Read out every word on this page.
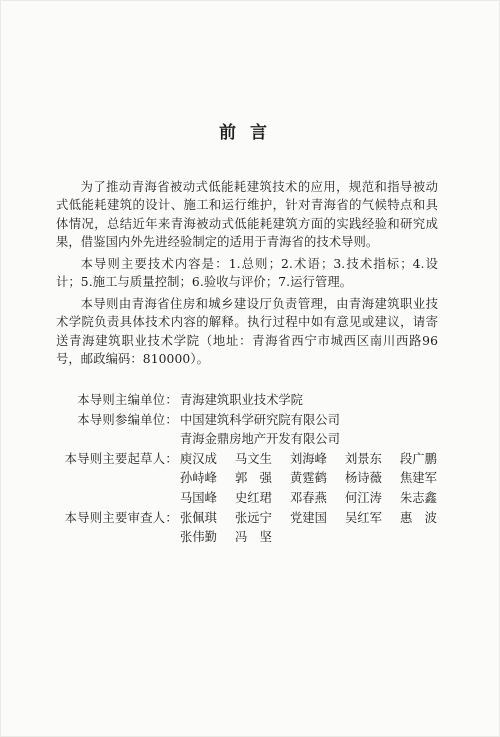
前言

为了推动青海省被动式低能耗建筑技术的应用，规范和指导被动式低能耗建筑的设计、施工和运行维护，针对青海省的气候特点和具体情况，总结近年来青海被动式低能耗建筑方面的实践经验和研究成果，借鉴国内外先进经验制定的适用于青海省的技术导则。

本导则主要技术内容是：1.总则；2.术语；3.技术指标；4.设计；5.施工与质量控制；6.验收与评价；7.运行管理。

本导则由青海省住房和城乡建设厅负责管理，由青海建筑职业技术学院负责具体技术内容的解释。执行过程中如有意见或建议，请寄送青海建筑职业技术学院（地址：青海省西宁市城西区南川西路96号，邮政编码：810000）。

本导则主编单位： 青海建筑职业技术学院
本导则参编单位： 中国建筑科学研究院有限公司
青海金鼎房地产开发有限公司
本导则主要起草人： 庾汉成	马文生	刘海峰	刘景东	段广鹏
孙峙峰	郭　强	黄霆鹤	杨诗薇	焦建军
马国峰	史红珺	邓春燕	何江涛	朱志鑫
本导则主要审查人： 张佩琪	张远宁	党建国	吴红军	惠　波
张伟勤	冯　坚
